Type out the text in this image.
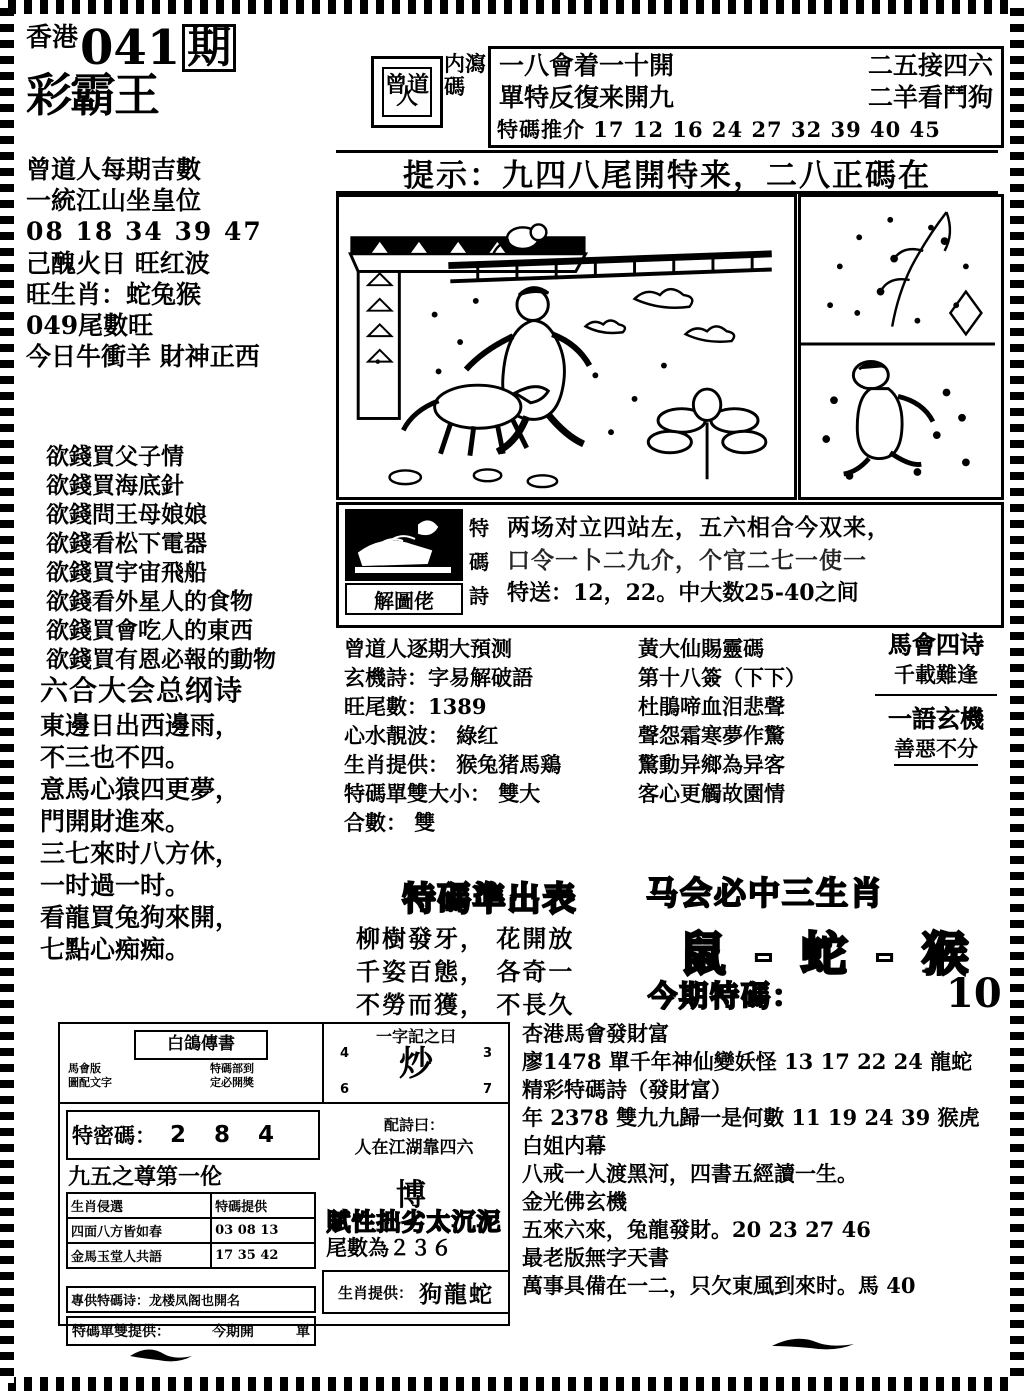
香港 041 期
彩霸王	曾道人
内瀉碼
一八會着一十開	二五接四六
單特反復来開九	二羊看鬥狗
特碼推介 17 12 16 24 27 32 39 40 45
提示：九四八尾開特来，二八正碼在
曾道人每期吉數
一統江山坐皇位
08 18 34 39 47
己醜火日 旺红波
旺生肖：蛇兔猴
049尾數旺
今日牛衝羊 財神正西
欲錢買父子情
欲錢買海底針
欲錢問王母娘娘
欲錢看松下電器
欲錢買宇宙飛船
欲錢看外星人的食物
欲錢買會吃人的東西
欲錢買有恩必報的動物
六合大会总纲诗
東邊日出西邊雨，
不三也不四。
意馬心猿四更夢，
門開財進來。
三七來时八方休，
一时過一时。
看龍買兔狗來開，
七點心痴痴。
解圖佬
特碼詩
两场对立四站左，五六相合今双来，
口令一卜二九介，个官二七一使一
特送：12，22。中大数25-40之间
曾道人逐期大預测
玄機詩：字易解破語
旺尾數：1389
心水靚波： 綠红
生肖提供： 猴兔猪馬鶏
特碼單雙大小： 雙大
合數： 雙
黃大仙賜靈碼
第十八簽（下下）
杜鵑啼血泪悲聲
聲怨霜寒夢作驚
驚動异鄉為异客
客心更觸故園情
馬會四诗
千載難逢
一語玄機
善惡不分
特碼準出表
柳樹發牙， 花開放
千姿百態， 各奇一
不勞而獲， 不長久
马会必中三生肖
鼠 - 蛇 - 猴
今期特碼：	10
白鴿傳書
馬會版
圖配文字
特碼部到
定必開獎
一字記之曰
炒
4	3
6	7
特密碼： 2 8 4
九五之尊第一伦
生肖侵選	特碼提供
四面八方皆如春	03 08 13
金馬玉堂人共語	17 35 42
專供特碼诗：龙楼凤阁也開名
特碼單雙提供：	今期開	單
配詩曰：
人在江湖靠四六
博
賦性拙劣太沉泥
尾數為２３６
生肖提供： 狗龍蛇
杏港馬會發財富
廖1478 單千年神仙變妖怪 13 17 22 24 龍蛇
精彩特碼詩（發財富）
年 2378 雙九九歸一是何數 11 19 24 39 猴虎
白姐内幕
八戒一人渡黑河，四書五經讀一生。
金光佛玄機
五來六來，兔龍發財。20 23 27 46
最老版無字天書
萬事具備在一二，只欠東風到來时。馬 40
